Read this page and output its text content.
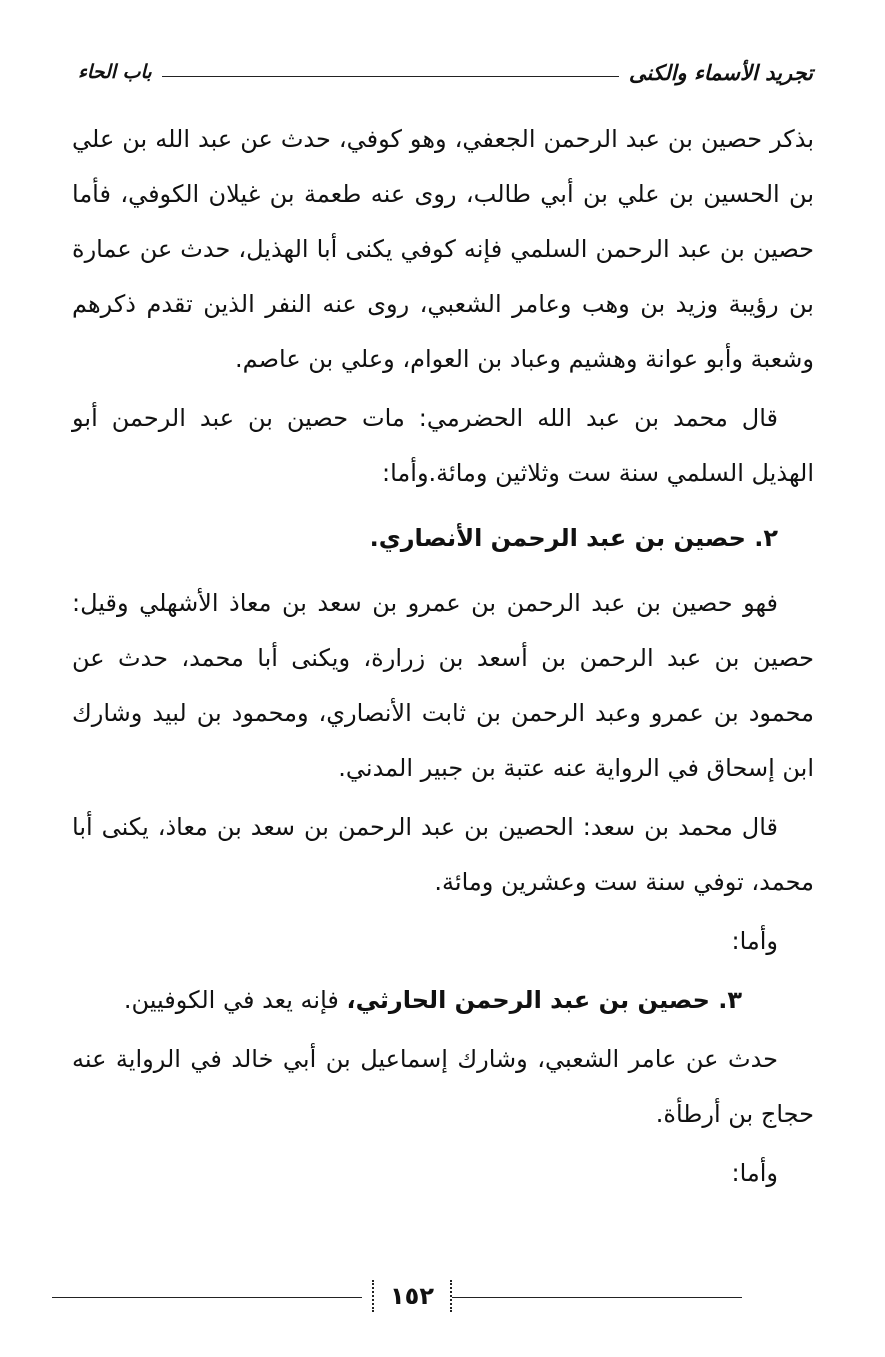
تجريد الأسماء والكنى
باب الحاء

بذكر حصين بن عبد الرحمن الجعفي، وهو كوفي، حدث عن عبد الله بن علي بن الحسين بن علي بن أبي طالب، روى عنه طعمة بن غيلان الكوفي، فأما حصين بن عبد الرحمن السلمي فإنه كوفي يكنى أبا الهذيل، حدث عن عمارة بن رؤيبة وزيد بن وهب وعامر الشعبي، روى عنه النفر الذين تقدم ذكرهم وشعبة وأبو عوانة وهشيم وعباد بن العوام، وعلي بن عاصم.

قال محمد بن عبد الله الحضرمي: مات حصين بن عبد الرحمن أبو الهذيل السلمي سنة ست وثلاثين ومائة.وأما:

٢. حصين بن عبد الرحمن الأنصاري.

فهو حصين بن عبد الرحمن بن عمرو بن سعد بن معاذ الأشهلي وقيل: حصين بن عبد الرحمن بن أسعد بن زرارة، ويكنى أبا محمد، حدث عن محمود بن عمرو وعبد الرحمن بن ثابت الأنصاري، ومحمود بن لبيد وشارك ابن إسحاق في الرواية عنه عتبة بن جبير المدني.

قال محمد بن سعد: الحصين بن عبد الرحمن بن سعد بن معاذ، يكنى أبا محمد، توفي سنة ست وعشرين ومائة.

وأما:

٣. حصين بن عبد الرحمن الحارثي، فإنه يعد في الكوفيين.

حدث عن عامر الشعبي، وشارك إسماعيل بن أبي خالد في الرواية عنه حجاج بن أرطأة.

وأما:

١٥٢
